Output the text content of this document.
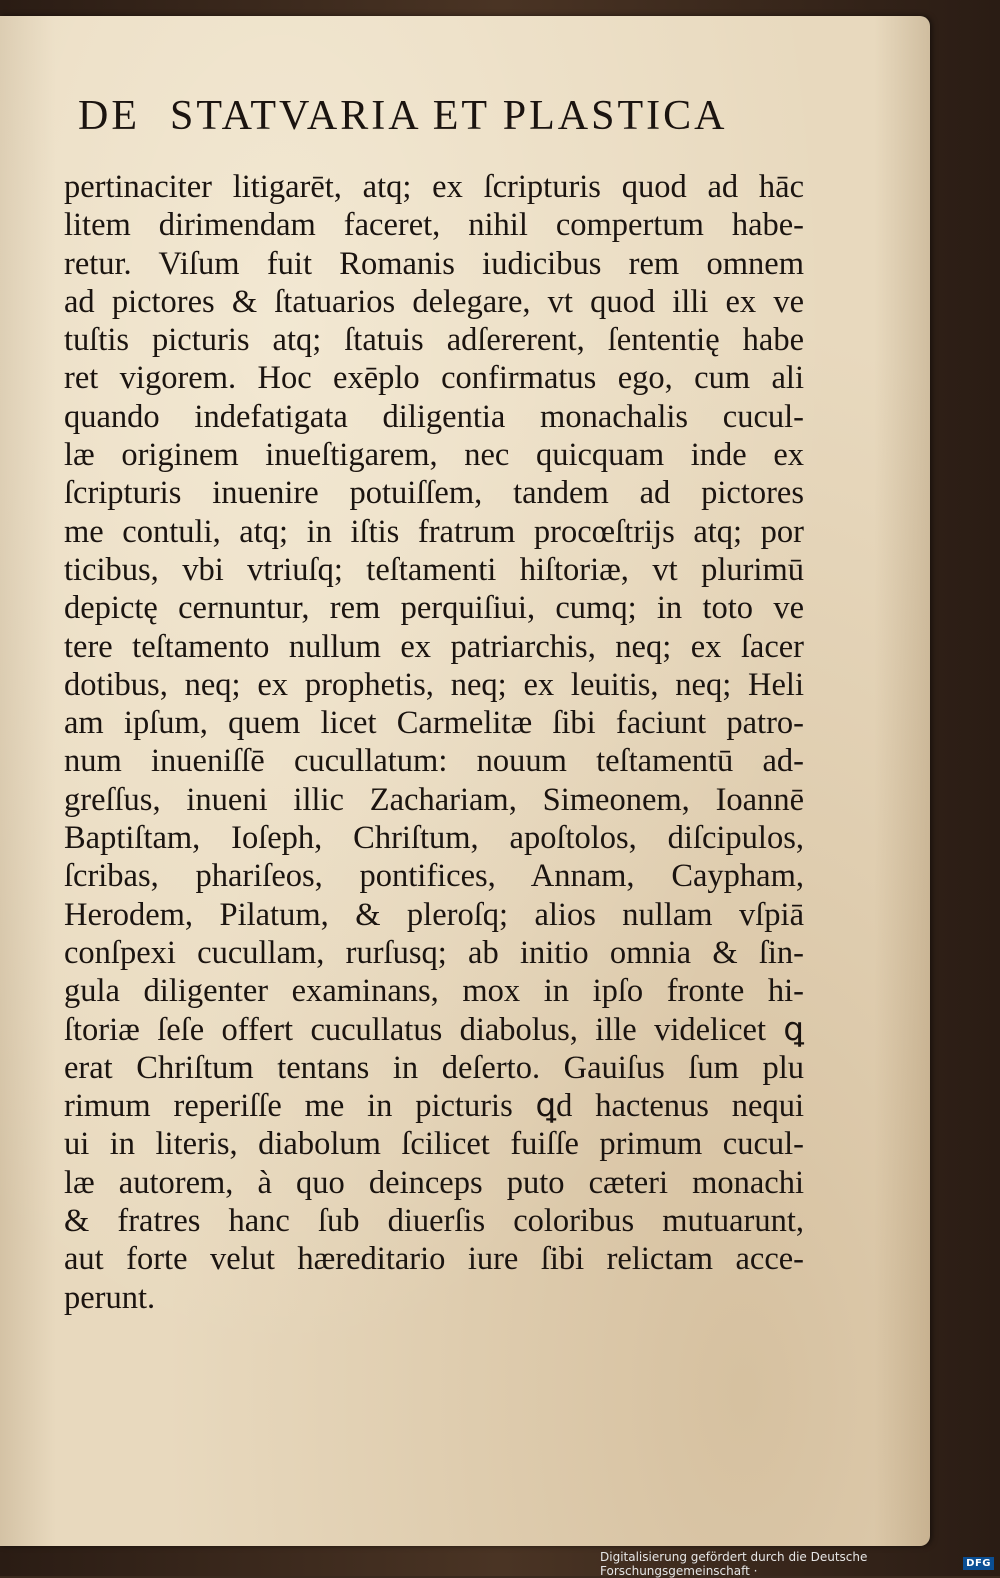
DE STATVARIA ET PLASTICA
pertinaciter litigarēt, atq; ex ſcripturis quod ad hāc
litem dirimendam faceret, nihil compertum habe-
retur. Viſum fuit Romanis iudicibus rem omnem
ad pictores & ſtatuarios delegare, vt quod illi ex ve
tuſtis picturis atq; ſtatuis adſererent, ſententię habe
ret vigorem. Hoc exēplo confirmatus ego, cum ali
quando indefatigata diligentia monachalis cucul-
læ originem inueſtigarem, nec quicquam inde ex
ſcripturis inuenire potuiſſem, tandem ad pictores
me contuli, atq; in iſtis fratrum procœſtrijs atq; por
ticibus, vbi vtriuſq; teſtamenti hiſtoriæ, vt plurimū
depictę cernuntur, rem perquiſiui, cumq; in toto ve
tere teſtamento nullum ex patriarchis, neq; ex ſacer
dotibus, neq; ex prophetis, neq; ex leuitis, neq; Heli
am ipſum, quem licet Carmelitæ ſibi faciunt patro-
num inueniſſē cucullatum: nouum teſtamentū ad-
greſſus, inueni illic Zachariam, Simeonem, Ioannē
Baptiſtam, Ioſeph, Chriſtum, apoſtolos, diſcipulos,
ſcribas, phariſeos, pontifices, Annam, Caypham,
Herodem, Pilatum, & pleroſq; alios nullam vſpiā
conſpexi cucullam, rurſusq; ab initio omnia & ſin-
gula diligenter examinans, mox in ipſo fronte hi-
ſtoriæ ſeſe offert cucullatus diabolus, ille videlicet ꝗ
erat Chriſtum tentans in deſerto. Gauiſus ſum plu
rimum reperiſſe me in picturis ꝗd hactenus nequi
ui in literis, diabolum ſcilicet fuiſſe primum cucul-
læ autorem, à quo deinceps puto cæteri monachi
& fratres hanc ſub diuerſis coloribus mutuarunt,
aut forte velut hæreditario iure ſibi relictam acce-
perunt.
Digitalisierung gefördert durch die Deutsche Forschungsgemeinschaft ·	DFG
